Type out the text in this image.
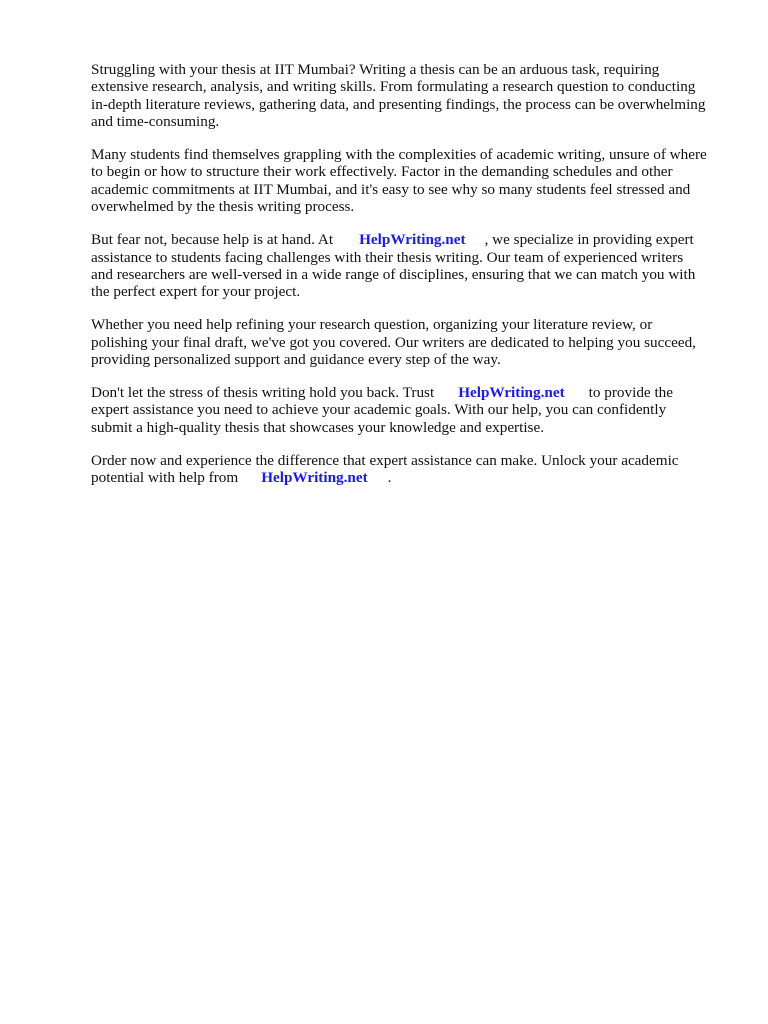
Struggling with your thesis at IIT Mumbai? Writing a thesis can be an arduous task, requiring
extensive research, analysis, and writing skills. From formulating a research question to conducting
in-depth literature reviews, gathering data, and presenting findings, the process can be overwhelming
and time-consuming.

Many students find themselves grappling with the complexities of academic writing, unsure of where
to begin or how to structure their work effectively. Factor in the demanding schedules and other
academic commitments at IIT Mumbai, and it's easy to see why so many students feel stressed and
overwhelmed by the thesis writing process.

But fear not, because help is at hand. At HelpWriting.net , we specialize in providing expert
assistance to students facing challenges with their thesis writing. Our team of experienced writers
and researchers are well-versed in a wide range of disciplines, ensuring that we can match you with
the perfect expert for your project.

Whether you need help refining your research question, organizing your literature review, or
polishing your final draft, we've got you covered. Our writers are dedicated to helping you succeed,
providing personalized support and guidance every step of the way.

Don't let the stress of thesis writing hold you back. Trust HelpWriting.net to provide the
expert assistance you need to achieve your academic goals. With our help, you can confidently
submit a high-quality thesis that showcases your knowledge and expertise.

Order now and experience the difference that expert assistance can make. Unlock your academic
potential with help from HelpWriting.net .
